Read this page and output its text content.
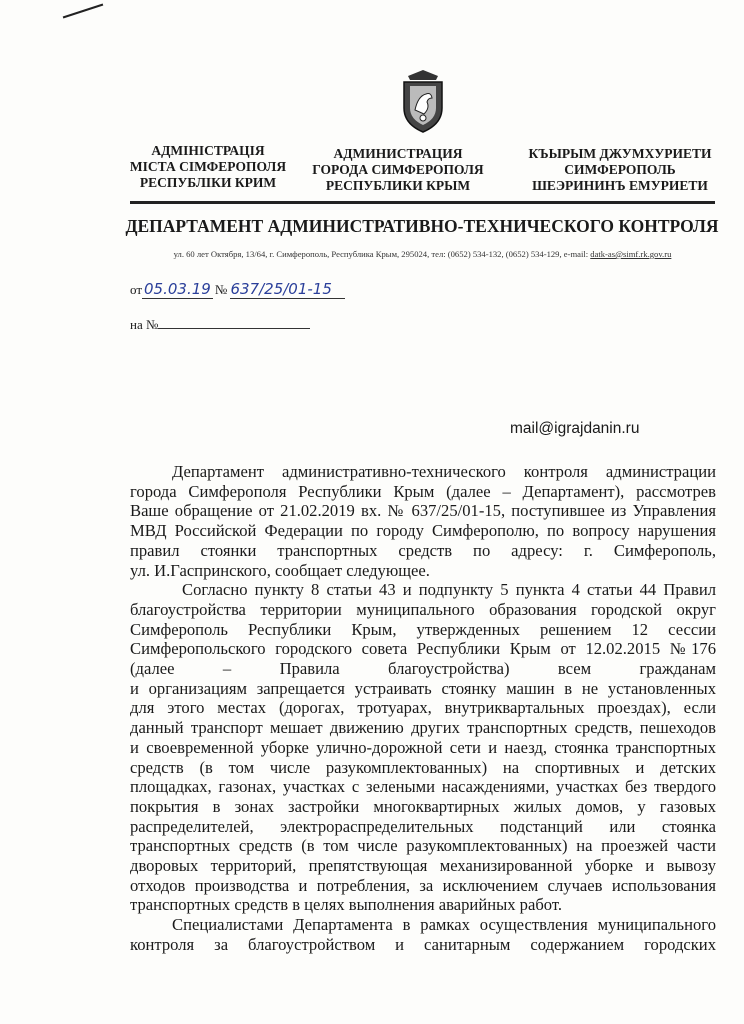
АДМІНІСТРАЦІЯ
МІСТА СІМФЕРОПОЛЯ
РЕСПУБЛІКИ КРИМ
АДМИНИСТРАЦИЯ
ГОРОДА СИМФЕРОПОЛЯ
РЕСПУБЛИКИ КРЫМ
КЪЫРЫМ ДЖУМХУРИЕТИ
СИМФЕРОПОЛЬ
ШЕЭРИНИНЪ ЕМУРИЕТИ
ДЕПАРТАМЕНТ АДМИНИСТРАТИВНО-ТЕХНИЧЕСКОГО КОНТРОЛЯ
ул. 60 лет Октября, 13/64, г. Симферополь, Республика Крым, 295024, тел: (0652) 534-132, (0652) 534-129, e-mail: datk-as@simf.rk.gov.ru
от 05.03.19 № 637/25/01-15
на №
mail@igrajdanin.ru
Департамент административно-технического контроля администрации
города Симферополя Республики Крым (далее – Департамент), рассмотрев
Ваше обращение от 21.02.2019 вх. № 637/25/01-15, поступившее из Управления
МВД Российской Федерации по городу Симферополю, по вопросу нарушения
правил стоянки транспортных средств по адресу: г. Симферополь,
ул. И.Гаспринского, сообщает следующее.
Согласно пункту 8 статьи 43 и подпункту 5 пункта 4 статьи 44 Правил
благоустройства территории муниципального образования городской округ
Симферополь Республики Крым, утвержденных решением 12 сессии
Симферопольского городского совета Республики Крым от 12.02.2015 №176
(далее – Правила благоустройства) всем гражданам
и организациям запрещается устраивать стоянку машин в не установленных
для этого местах (дорогах, тротуарах, внутриквартальных проездах), если
данный транспорт мешает движению других транспортных средств, пешеходов
и своевременной уборке улично-дорожной сети и наезд, стоянка транспортных
средств (в том числе разукомплектованных) на спортивных и детских
площадках, газонах, участках с зелеными насаждениями, участках без твердого
покрытия в зонах застройки многоквартирных жилых домов, у газовых
распределителей, электрораспределительных подстанций или стоянка
транспортных средств (в том числе разукомплектованных) на проезжей части
дворовых территорий, препятствующая механизированной уборке и вывозу
отходов производства и потребления, за исключением случаев использования
транспортных средств в целях выполнения аварийных работ.
Специалистами Департамента в рамках осуществления муниципального
контроля за благоустройством и санитарным содержанием городских
